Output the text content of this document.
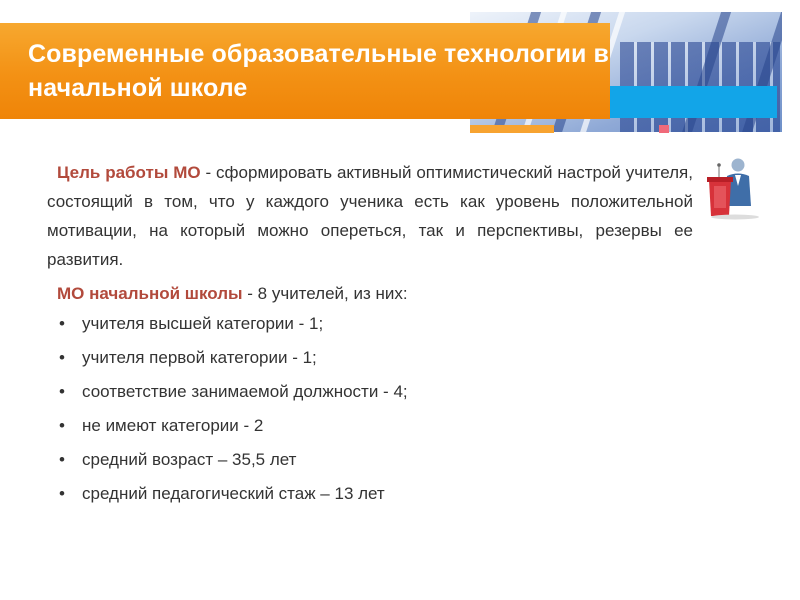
Современные образовательные технологии в начальной школе

Цель работы МО - сформировать активный оптимистический настрой учителя, состоящий в том, что у каждого ученика есть как уровень положительной мотивации, на который можно опереться, так и перспективы, резервы ее развития.

МО начальной школы - 8 учителей, из них:

• учителя высшей категории - 1;
• учителя первой категории - 1;
• соответствие занимаемой должности - 4;
• не имеют категории - 2
• средний возраст – 35,5 лет
• средний педагогический стаж – 13 лет
